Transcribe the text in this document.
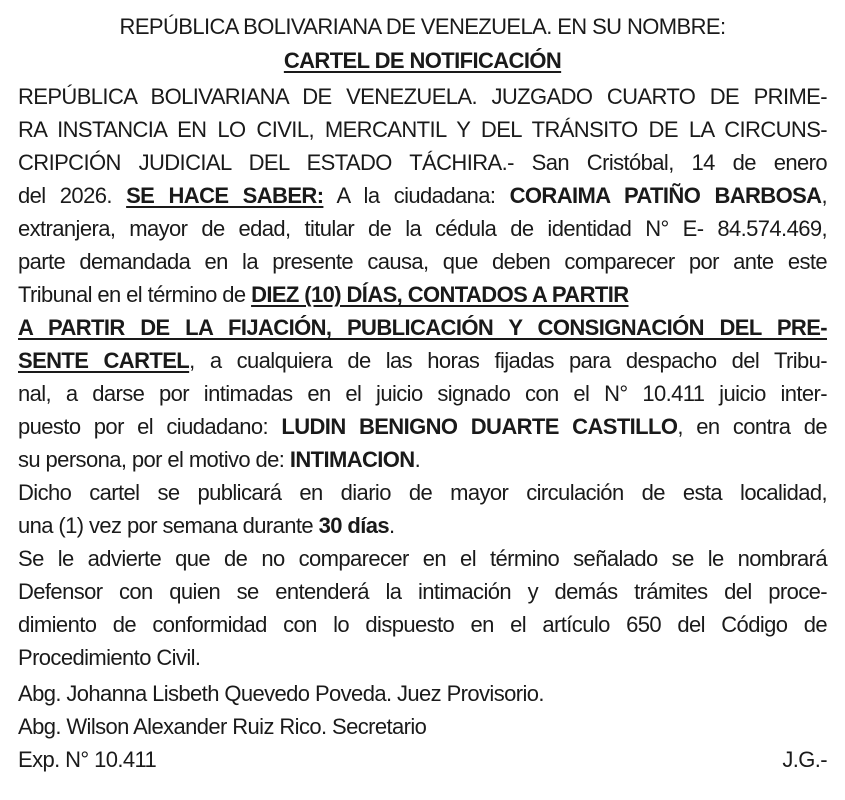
REPÚBLICA BOLIVARIANA DE VENEZUELA. EN SU NOMBRE:
CARTEL DE NOTIFICACIÓN
REPÚBLICA BOLIVARIANA DE VENEZUELA. JUZGADO CUARTO DE PRIME-
RA INSTANCIA EN LO CIVIL, MERCANTIL Y DEL TRÁNSITO DE LA CIRCUNS-
CRIPCIÓN JUDICIAL DEL ESTADO TÁCHIRA.- San Cristóbal, 14 de enero
del 2026. SE HACE SABER: A la ciudadana: CORAIMA PATIÑO BARBOSA,
extranjera, mayor de edad, titular de la cédula de identidad N° E- 84.574.469,
parte demandada en la presente causa, que deben comparecer por ante este
Tribunal en el término de DIEZ (10) DÍAS, CONTADOS A PARTIR
A PARTIR DE LA FIJACIÓN, PUBLICACIÓN Y CONSIGNACIÓN DEL PRE-
SENTE CARTEL, a cualquiera de las horas fijadas para despacho del Tribu-
nal, a darse por intimadas en el juicio signado con el N° 10.411 juicio inter-
puesto por el ciudadano: LUDIN BENIGNO DUARTE CASTILLO, en contra de
su persona, por el motivo de: INTIMACION.
Dicho cartel se publicará en diario de mayor circulación de esta localidad,
una (1) vez por semana durante 30 días.
Se le advierte que de no comparecer en el término señalado se le nombrará
Defensor con quien se entenderá la intimación y demás trámites del proce-
dimiento de conformidad con lo dispuesto en el artículo 650 del Código de
Procedimiento Civil.
Abg. Johanna Lisbeth Quevedo Poveda. Juez Provisorio.
Abg. Wilson Alexander Ruiz Rico. Secretario
Exp. N° 10.411	J.G.-
